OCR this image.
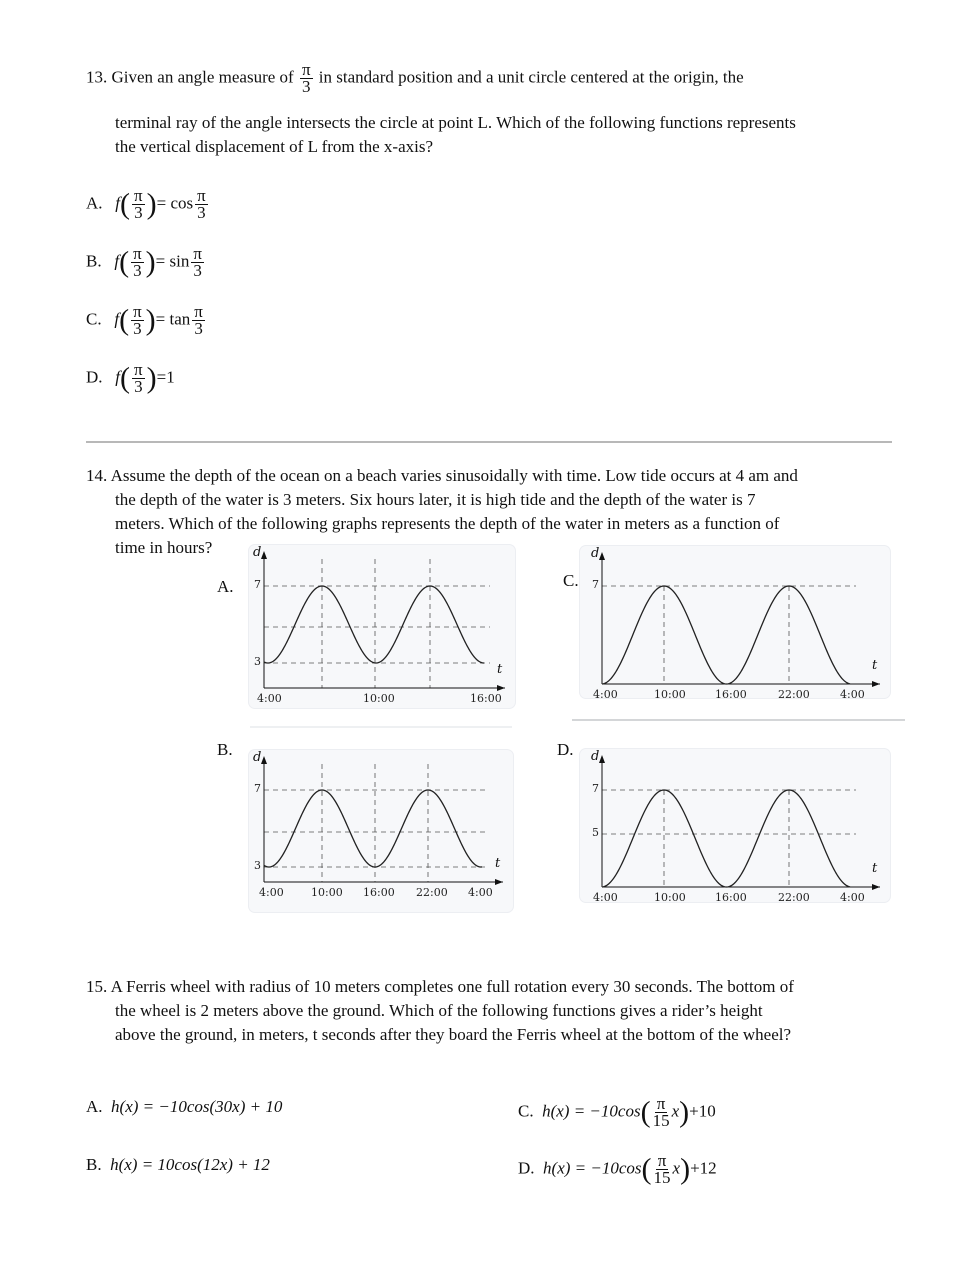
13. Given an angle measure of $\frac{\pi}{3}$ in standard position and a unit circle centered at the origin, the
terminal ray of the angle intersects the circle at point L. Which of the following functions represents
the vertical displacement of L from the x-axis?
A. $f( \frac{\pi}{3}$ )= $\cos \frac{\pi}{3}$
B. $f( \frac{\pi}{3}$ )= $\sin \frac{\pi}{3}$
C. $f( \frac{\pi}{3}$ )= $\tan \frac{\pi}{3}$
D. $f( \frac{\pi}{3} )=1$
14. Assume the depth of the ocean on a beach varies sinusoidally with time. Low tide occurs at 4 am and
the depth of the water is 3 meters. Six hours later, it is high tide and the depth of the water is 7
meters. Which of the following graphs represents the depth of the water in meters as a function of
time in hours?
A.
d
t
7
3
4:00	10:00	16:00
C.
d
t
7
4:00	10:00	16:00	22:00	4:00
B. d
t
7
3
4:00 10:00 16:00 22:00 4:00
D. d
t
7
5
4:00	10:00	16:00	22:00	4:00
15. A Ferris wheel with radius of 10 meters completes one full rotation every 30 seconds. The bottom of
the wheel is 2 meters above the ground. Which of the following functions gives a rider’s height
above the ground, in meters, t seconds after they board the Ferris wheel at the bottom of the wheel?
A. h(x) = −10cos(30x) + 10
B. h(x) = 10cos(12x) + 12
C. $h(x) = -10\cos( \frac{\pi}{15} x)+10$
D. $h(x) = -10\cos( \frac{\pi}{15} x)+12$
